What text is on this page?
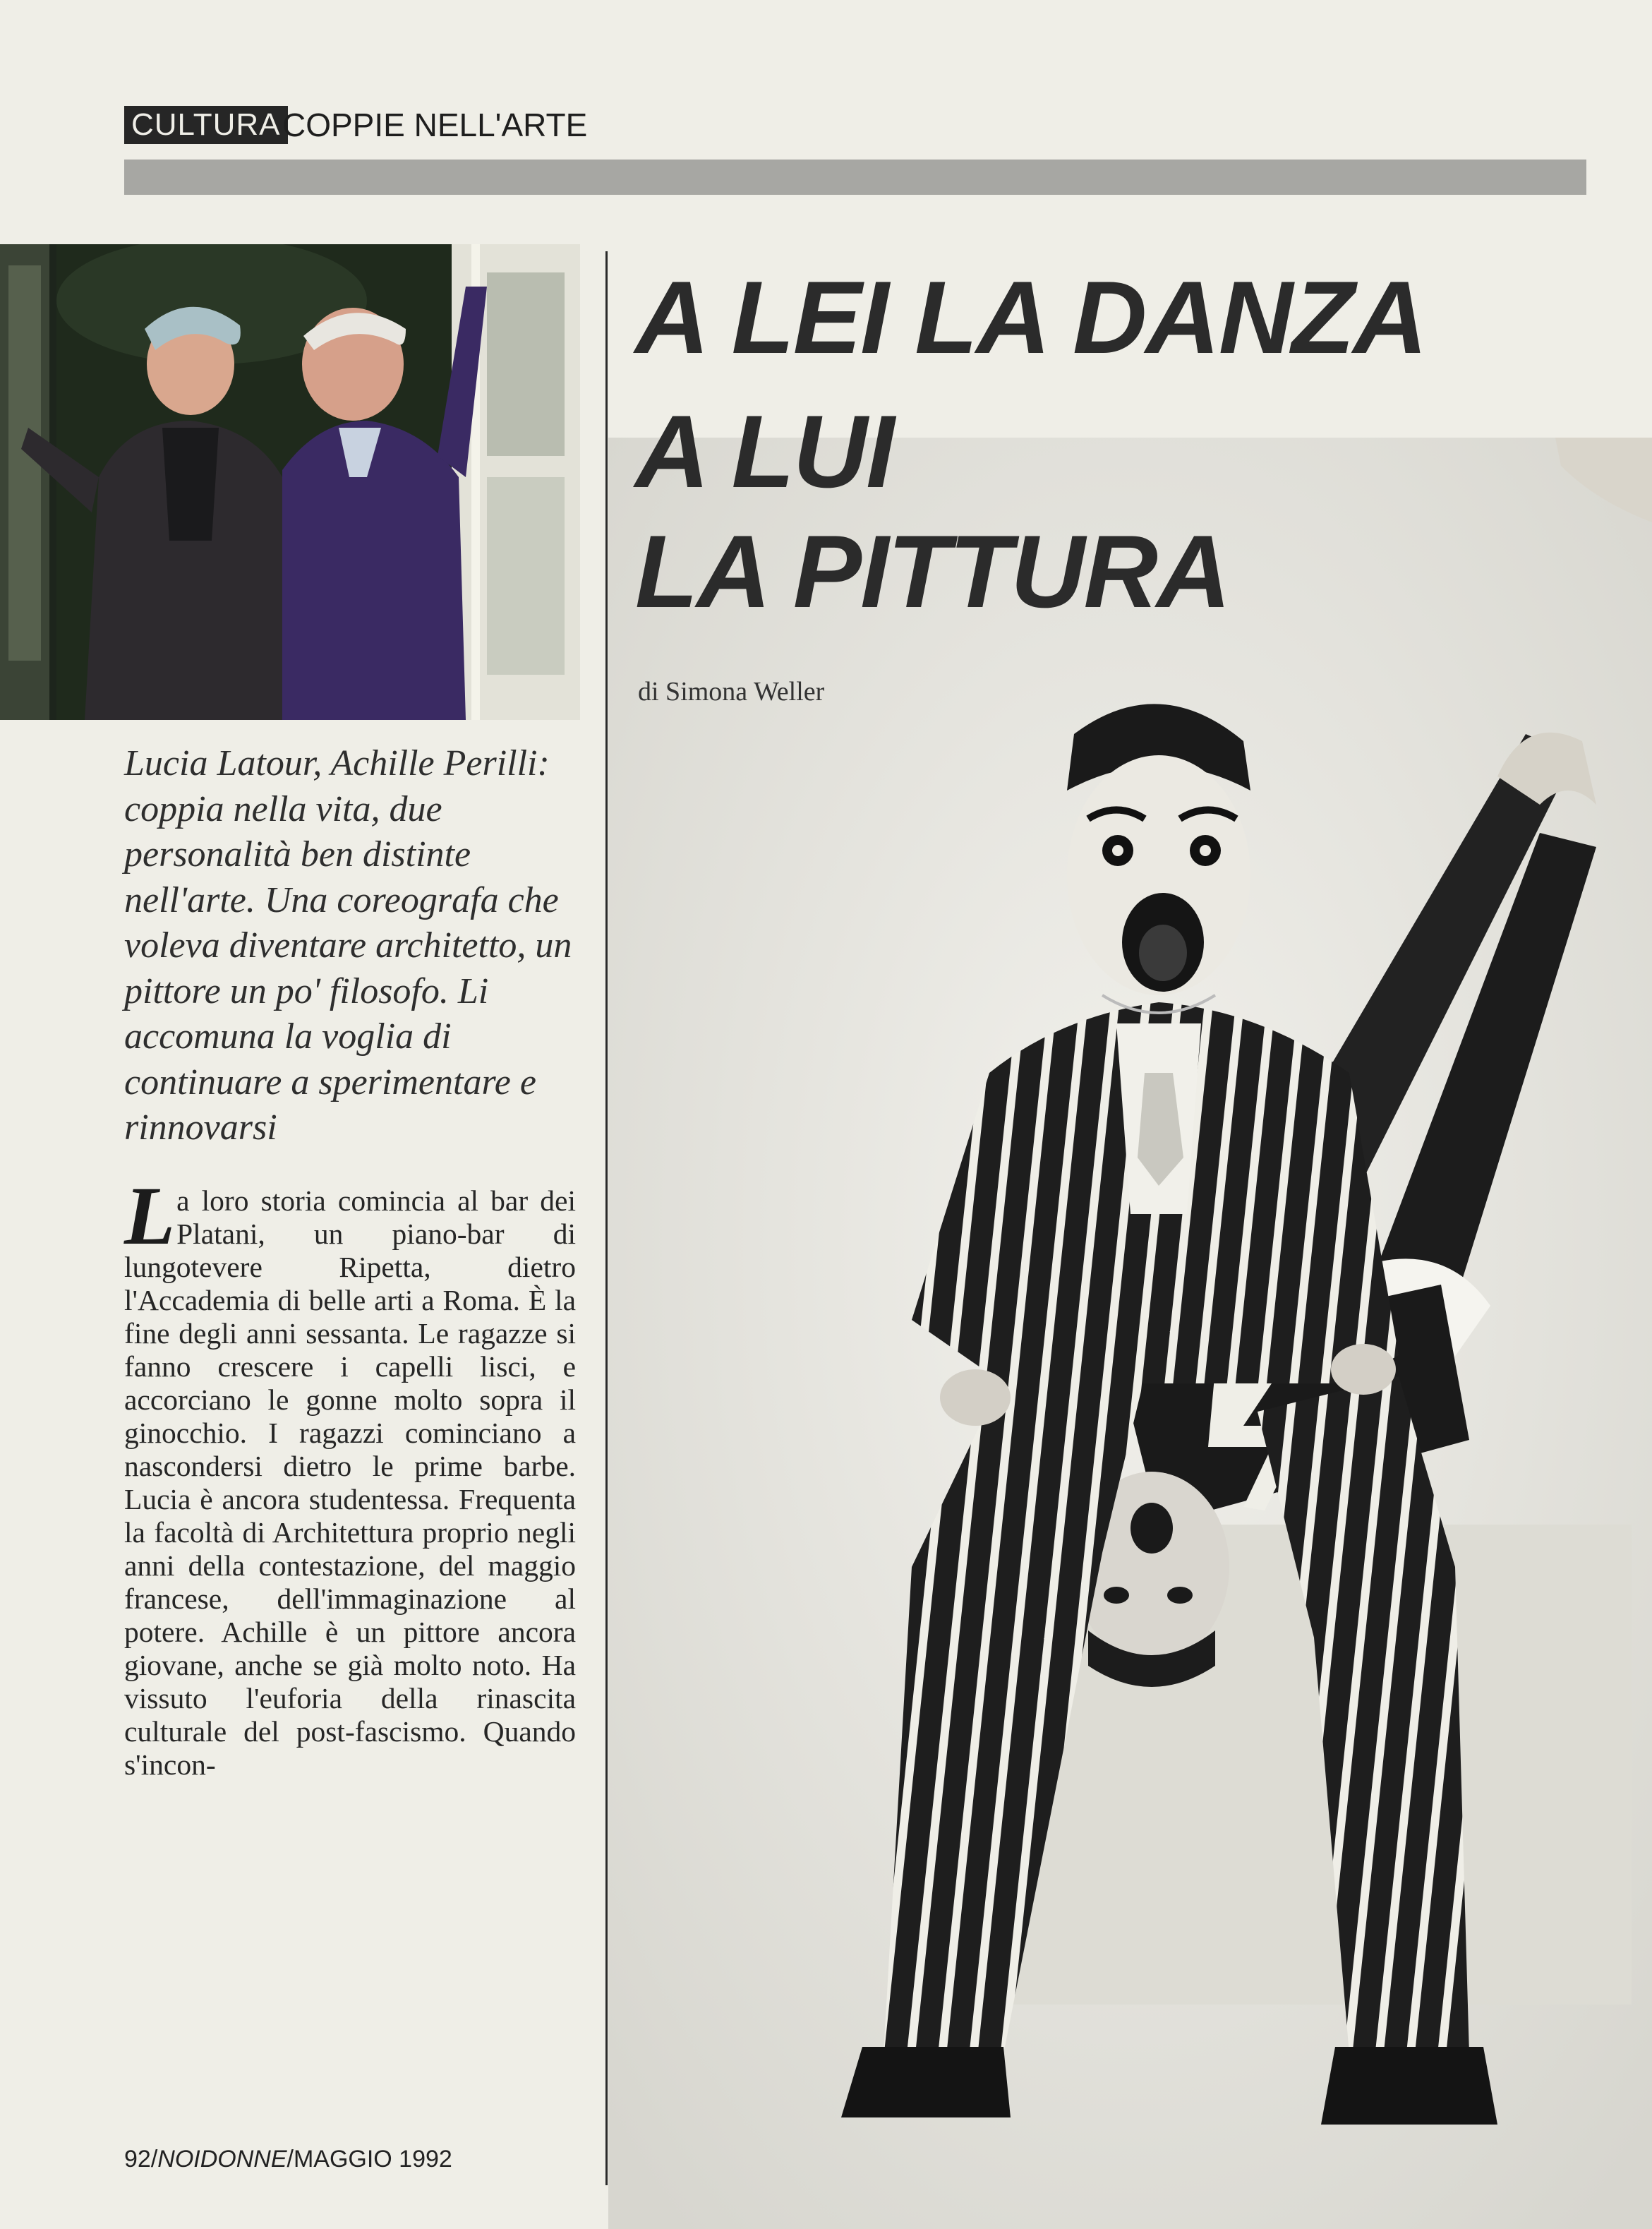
CULTURA COPPIE NELL'ARTE
A LEI LA DANZA
A LUI
LA PITTURA
di Simona Weller
Lucia Latour, Achille Perilli: coppia nella vita, due personalità ben distinte nell'arte. Una coreografa che voleva diventare architetto, un pittore un po' filosofo. Li accomuna la voglia di continuare a sperimentare e rinnovarsi
La loro storia comincia al bar dei Platani, un piano-bar di lungotevere Ripetta, dietro l'Accademia di belle arti a Roma. È la fine degli anni sessanta. Le ragazze si fanno crescere i capelli lisci, e accorciano le gonne molto sopra il ginocchio. I ragazzi cominciano a nascondersi dietro le prime barbe. Lucia è ancora studentessa. Frequenta la facoltà di Architettura proprio negli anni della contestazione, del maggio francese, dell'immaginazione al potere. Achille è un pittore ancora giovane, anche se già molto noto. Ha vissuto l'euforia della rinascita culturale del post-fascismo. Quando s'incon-
92/NOIDONNE/MAGGIO 1992
